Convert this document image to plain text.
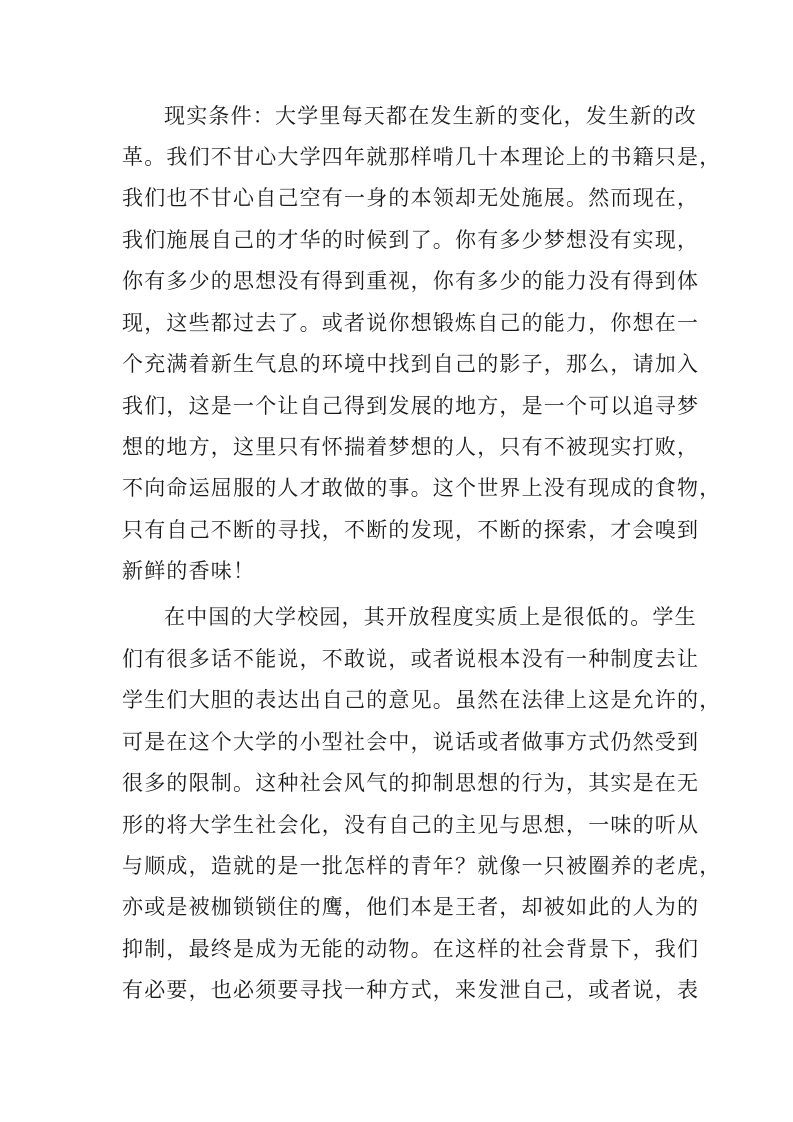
现实条件：大学里每天都在发生新的变化，发生新的改
革。我们不甘心大学四年就那样啃几十本理论上的书籍只是，
我们也不甘心自己空有一身的本领却无处施展。然而现在，
我们施展自己的才华的时候到了。你有多少梦想没有实现，
你有多少的思想没有得到重视，你有多少的能力没有得到体
现，这些都过去了。或者说你想锻炼自己的能力，你想在一
个充满着新生气息的环境中找到自己的影子，那么，请加入
我们，这是一个让自己得到发展的地方，是一个可以追寻梦
想的地方，这里只有怀揣着梦想的人，只有不被现实打败，
不向命运屈服的人才敢做的事。这个世界上没有现成的食物，
只有自己不断的寻找，不断的发现，不断的探索，才会嗅到
新鲜的香味！
在中国的大学校园，其开放程度实质上是很低的。学生
们有很多话不能说，不敢说，或者说根本没有一种制度去让
学生们大胆的表达出自己的意见。虽然在法律上这是允许的，
可是在这个大学的小型社会中，说话或者做事方式仍然受到
很多的限制。这种社会风气的抑制思想的行为，其实是在无
形的将大学生社会化，没有自己的主见与思想，一味的听从
与顺成，造就的是一批怎样的青年？就像一只被圈养的老虎，
亦或是被枷锁锁住的鹰，他们本是王者，却被如此的人为的
抑制，最终是成为无能的动物。在这样的社会背景下，我们
有必要，也必须要寻找一种方式，来发泄自己，或者说，表
